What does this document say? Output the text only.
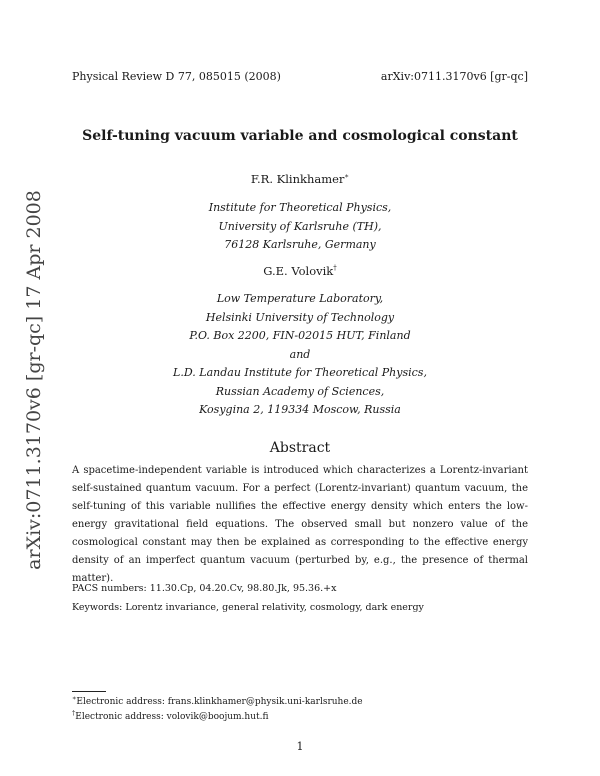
Physical Review D 77, 085015 (2008)	arXiv:0711.3170v6 [gr-qc]
arXiv:0711.3170v6 [gr-qc] 17 Apr 2008
Self-tuning vacuum variable and cosmological constant
F.R. Klinkhamer∗
Institute for Theoretical Physics,
University of Karlsruhe (TH),
76128 Karlsruhe, Germany
G.E. Volovik†
Low Temperature Laboratory,
Helsinki University of Technology
P.O. Box 2200, FIN-02015 HUT, Finland
and
L.D. Landau Institute for Theoretical Physics,
Russian Academy of Sciences,
Kosygina 2, 119334 Moscow, Russia
Abstract
A spacetime-independent variable is introduced which characterizes a Lorentz-invariant self-sustained quantum vacuum. For a perfect (Lorentz-invariant) quantum vacuum, the self-tuning of this variable nullifies the effective energy density which enters the low-energy gravitational field equations. The observed small but nonzero value of the cosmological constant may then be explained as corresponding to the effective energy density of an imperfect quantum vacuum (perturbed by, e.g., the presence of thermal matter).
PACS numbers: 11.30.Cp, 04.20.Cv, 98.80.Jk, 95.36.+x
Keywords: Lorentz invariance, general relativity, cosmology, dark energy
∗Electronic address: frans.klinkhamer@physik.uni-karlsruhe.de
†Electronic address: volovik@boojum.hut.fi
1
